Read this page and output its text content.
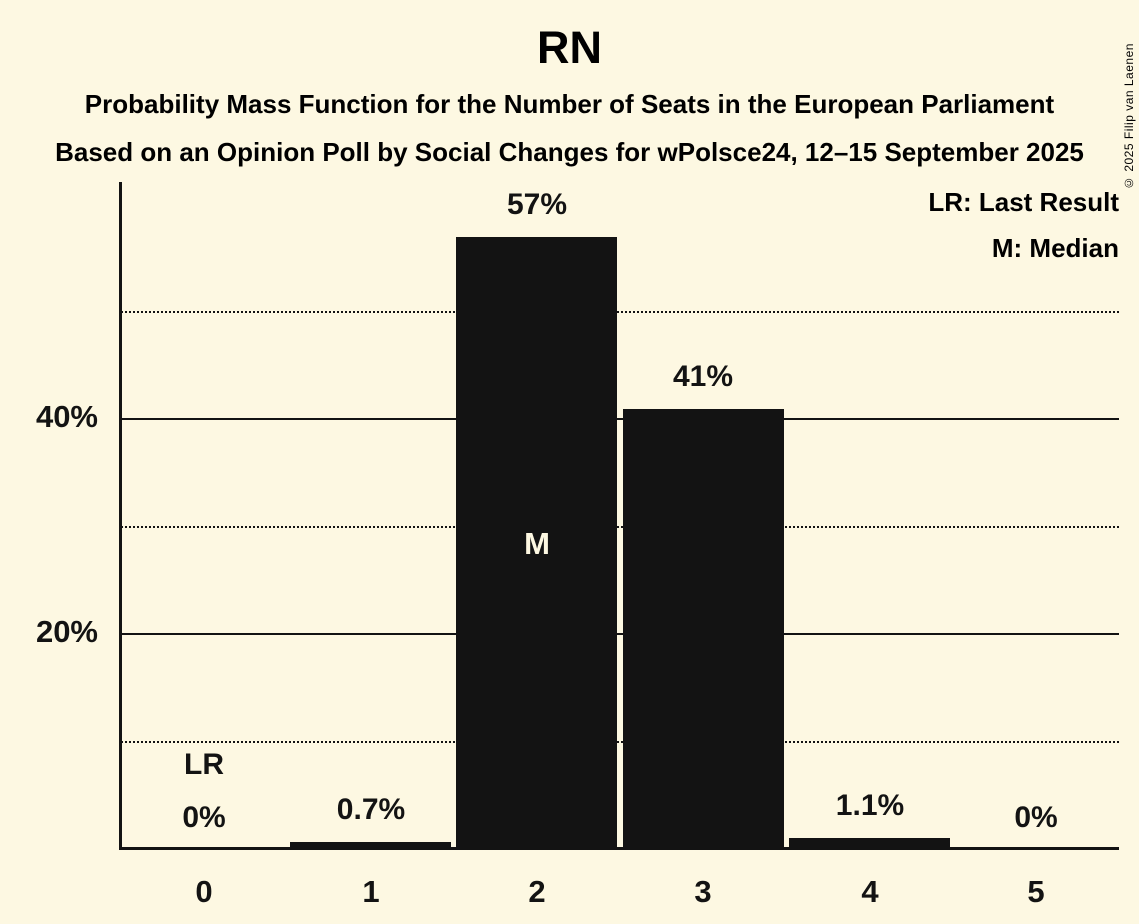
RN
Probability Mass Function for the Number of Seats in the European Parliament
Based on an Opinion Poll by Social Changes for wPolsce24, 12–15 September 2025
LR: Last Result
M: Median
© 2025 Filip van Laenen
0%
0
0.7%
1
57%
2
41%
3
1.1%
4
0%
5
20%
40%
LR
M
